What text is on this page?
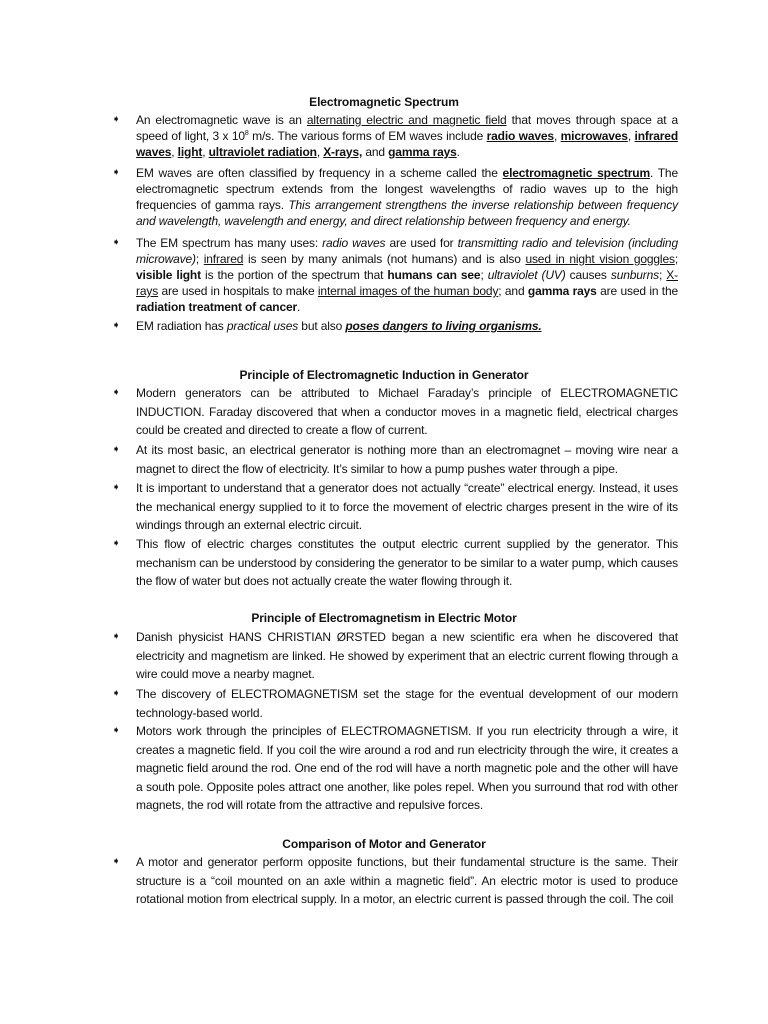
Electromagnetic Spectrum
➧ An electromagnetic wave is an alternating electric and magnetic field that moves through space at a speed of light, 3 x $10^8$ m/s. The various forms of EM waves include radio waves, microwaves, infrared waves, light, ultraviolet radiation, X-rays, and gamma rays.
➧ EM waves are often classified by frequency in a scheme called the electromagnetic spectrum. The electromagnetic spectrum extends from the longest wavelengths of radio waves up to the high frequencies of gamma rays. This arrangement strengthens the inverse relationship between frequency and wavelength, wavelength and energy, and direct relationship between frequency and energy.
➧ The EM spectrum has many uses: radio waves are used for transmitting radio and television (including microwave); infrared is seen by many animals (not humans) and is also used in night vision goggles; visible light is the portion of the spectrum that humans can see; ultraviolet (UV) causes sunburns; X-rays are used in hospitals to make internal images of the human body; and gamma rays are used in the radiation treatment of cancer.
➧ EM radiation has practical uses but also poses dangers to living organisms.
Principle of Electromagnetic Induction in Generator
➧ Modern generators can be attributed to Michael Faraday’s principle of ELECTROMAGNETIC INDUCTION. Faraday discovered that when a conductor moves in a magnetic field, electrical charges could be created and directed to create a flow of current.
➧ At its most basic, an electrical generator is nothing more than an electromagnet – moving wire near a magnet to direct the flow of electricity. It’s similar to how a pump pushes water through a pipe.
➧ It is important to understand that a generator does not actually “create” electrical energy. Instead, it uses the mechanical energy supplied to it to force the movement of electric charges present in the wire of its windings through an external electric circuit.
➧ This flow of electric charges constitutes the output electric current supplied by the generator. This mechanism can be understood by considering the generator to be similar to a water pump, which causes the flow of water but does not actually create the water flowing through it.
Principle of Electromagnetism in Electric Motor
➧ Danish physicist HANS CHRISTIAN ØRSTED began a new scientific era when he discovered that electricity and magnetism are linked. He showed by experiment that an electric current flowing through a wire could move a nearby magnet.
➧ The discovery of ELECTROMAGNETISM set the stage for the eventual development of our modern technology-based world.
➧ Motors work through the principles of ELECTROMAGNETISM. If you run electricity through a wire, it creates a magnetic field. If you coil the wire around a rod and run electricity through the wire, it creates a magnetic field around the rod. One end of the rod will have a north magnetic pole and the other will have a south pole. Opposite poles attract one another, like poles repel. When you surround that rod with other magnets, the rod will rotate from the attractive and repulsive forces.
Comparison of Motor and Generator
➧ A motor and generator perform opposite functions, but their fundamental structure is the same. Their structure is a “coil mounted on an axle within a magnetic field”. An electric motor is used to produce rotational motion from electrical supply. In a motor, an electric current is passed through the coil. The coil
